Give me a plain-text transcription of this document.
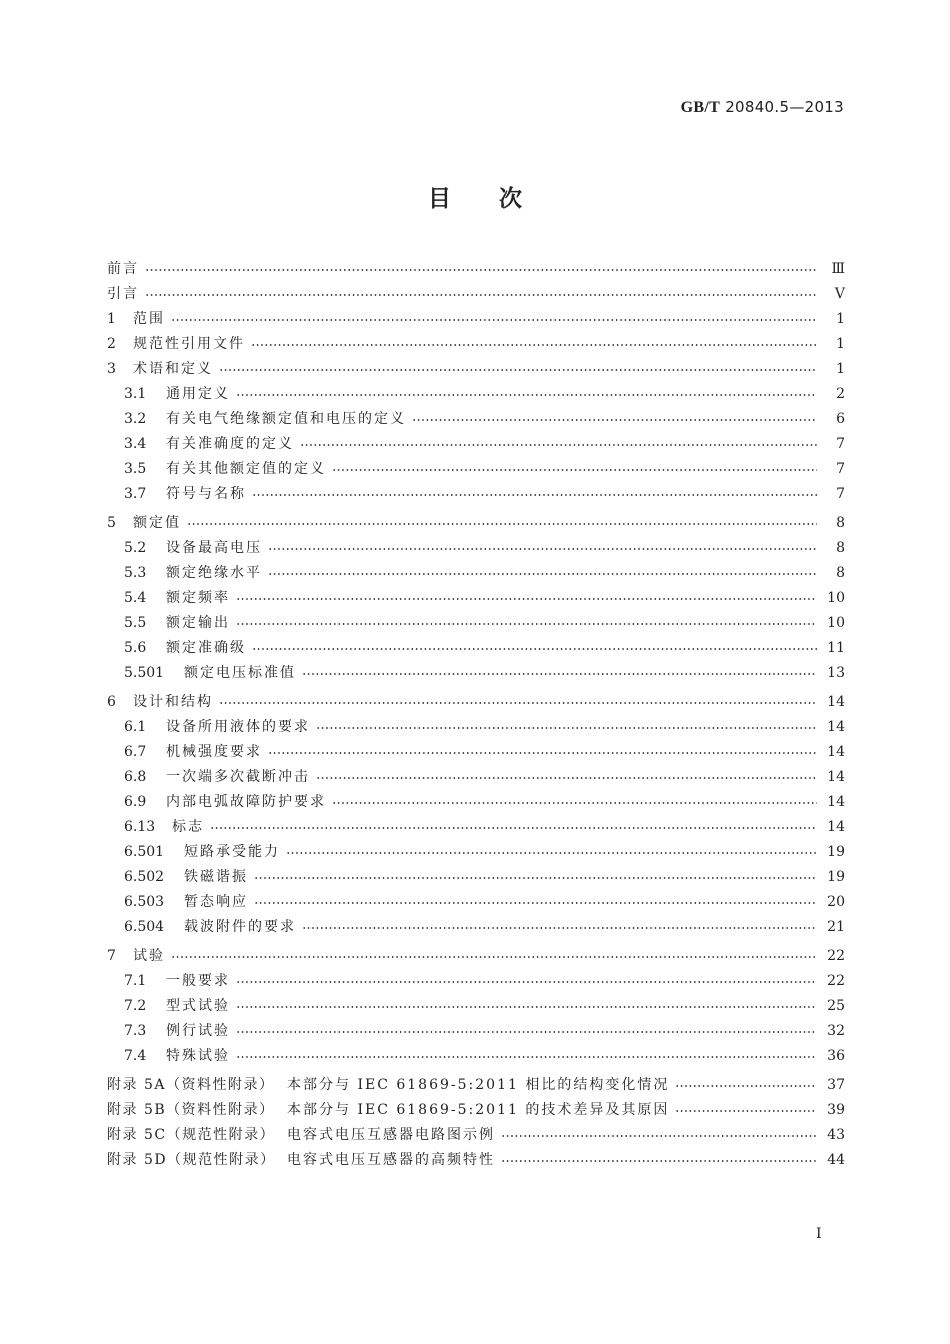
GB/T 20840.5—2013
目次
前言	Ⅲ
引言	Ⅴ
1	范围	1
2	规范性引用文件	1
3	术语和定义	1
3.1	通用定义	2
3.2	有关电气绝缘额定值和电压的定义	6
3.4	有关准确度的定义	7
3.5	有关其他额定值的定义	7
3.7	符号与名称	7
5	额定值	8
5.2	设备最高电压	8
5.3	额定绝缘水平	8
5.4	额定频率	10
5.5	额定输出	10
5.6	额定准确级	11
5.501	额定电压标准值	13
6	设计和结构	14
6.1	设备所用液体的要求	14
6.7	机械强度要求	14
6.8	一次端多次截断冲击	14
6.9	内部电弧故障防护要求	14
6.13	标志	14
6.501	短路承受能力	19
6.502	铁磁谐振	19
6.503	暂态响应	20
6.504	载波附件的要求	21
7	试验	22
7.1	一般要求	22
7.2	型式试验	25
7.3	例行试验	32
7.4	特殊试验	36
附录 5A（资料性附录） 本部分与 IEC 61869-5:2011 相比的结构变化情况	37
附录 5B（资料性附录） 本部分与 IEC 61869-5:2011 的技术差异及其原因	39
附录 5C（规范性附录） 电容式电压互感器电路图示例	43
附录 5D（规范性附录） 电容式电压互感器的高频特性	44
Ⅰ
